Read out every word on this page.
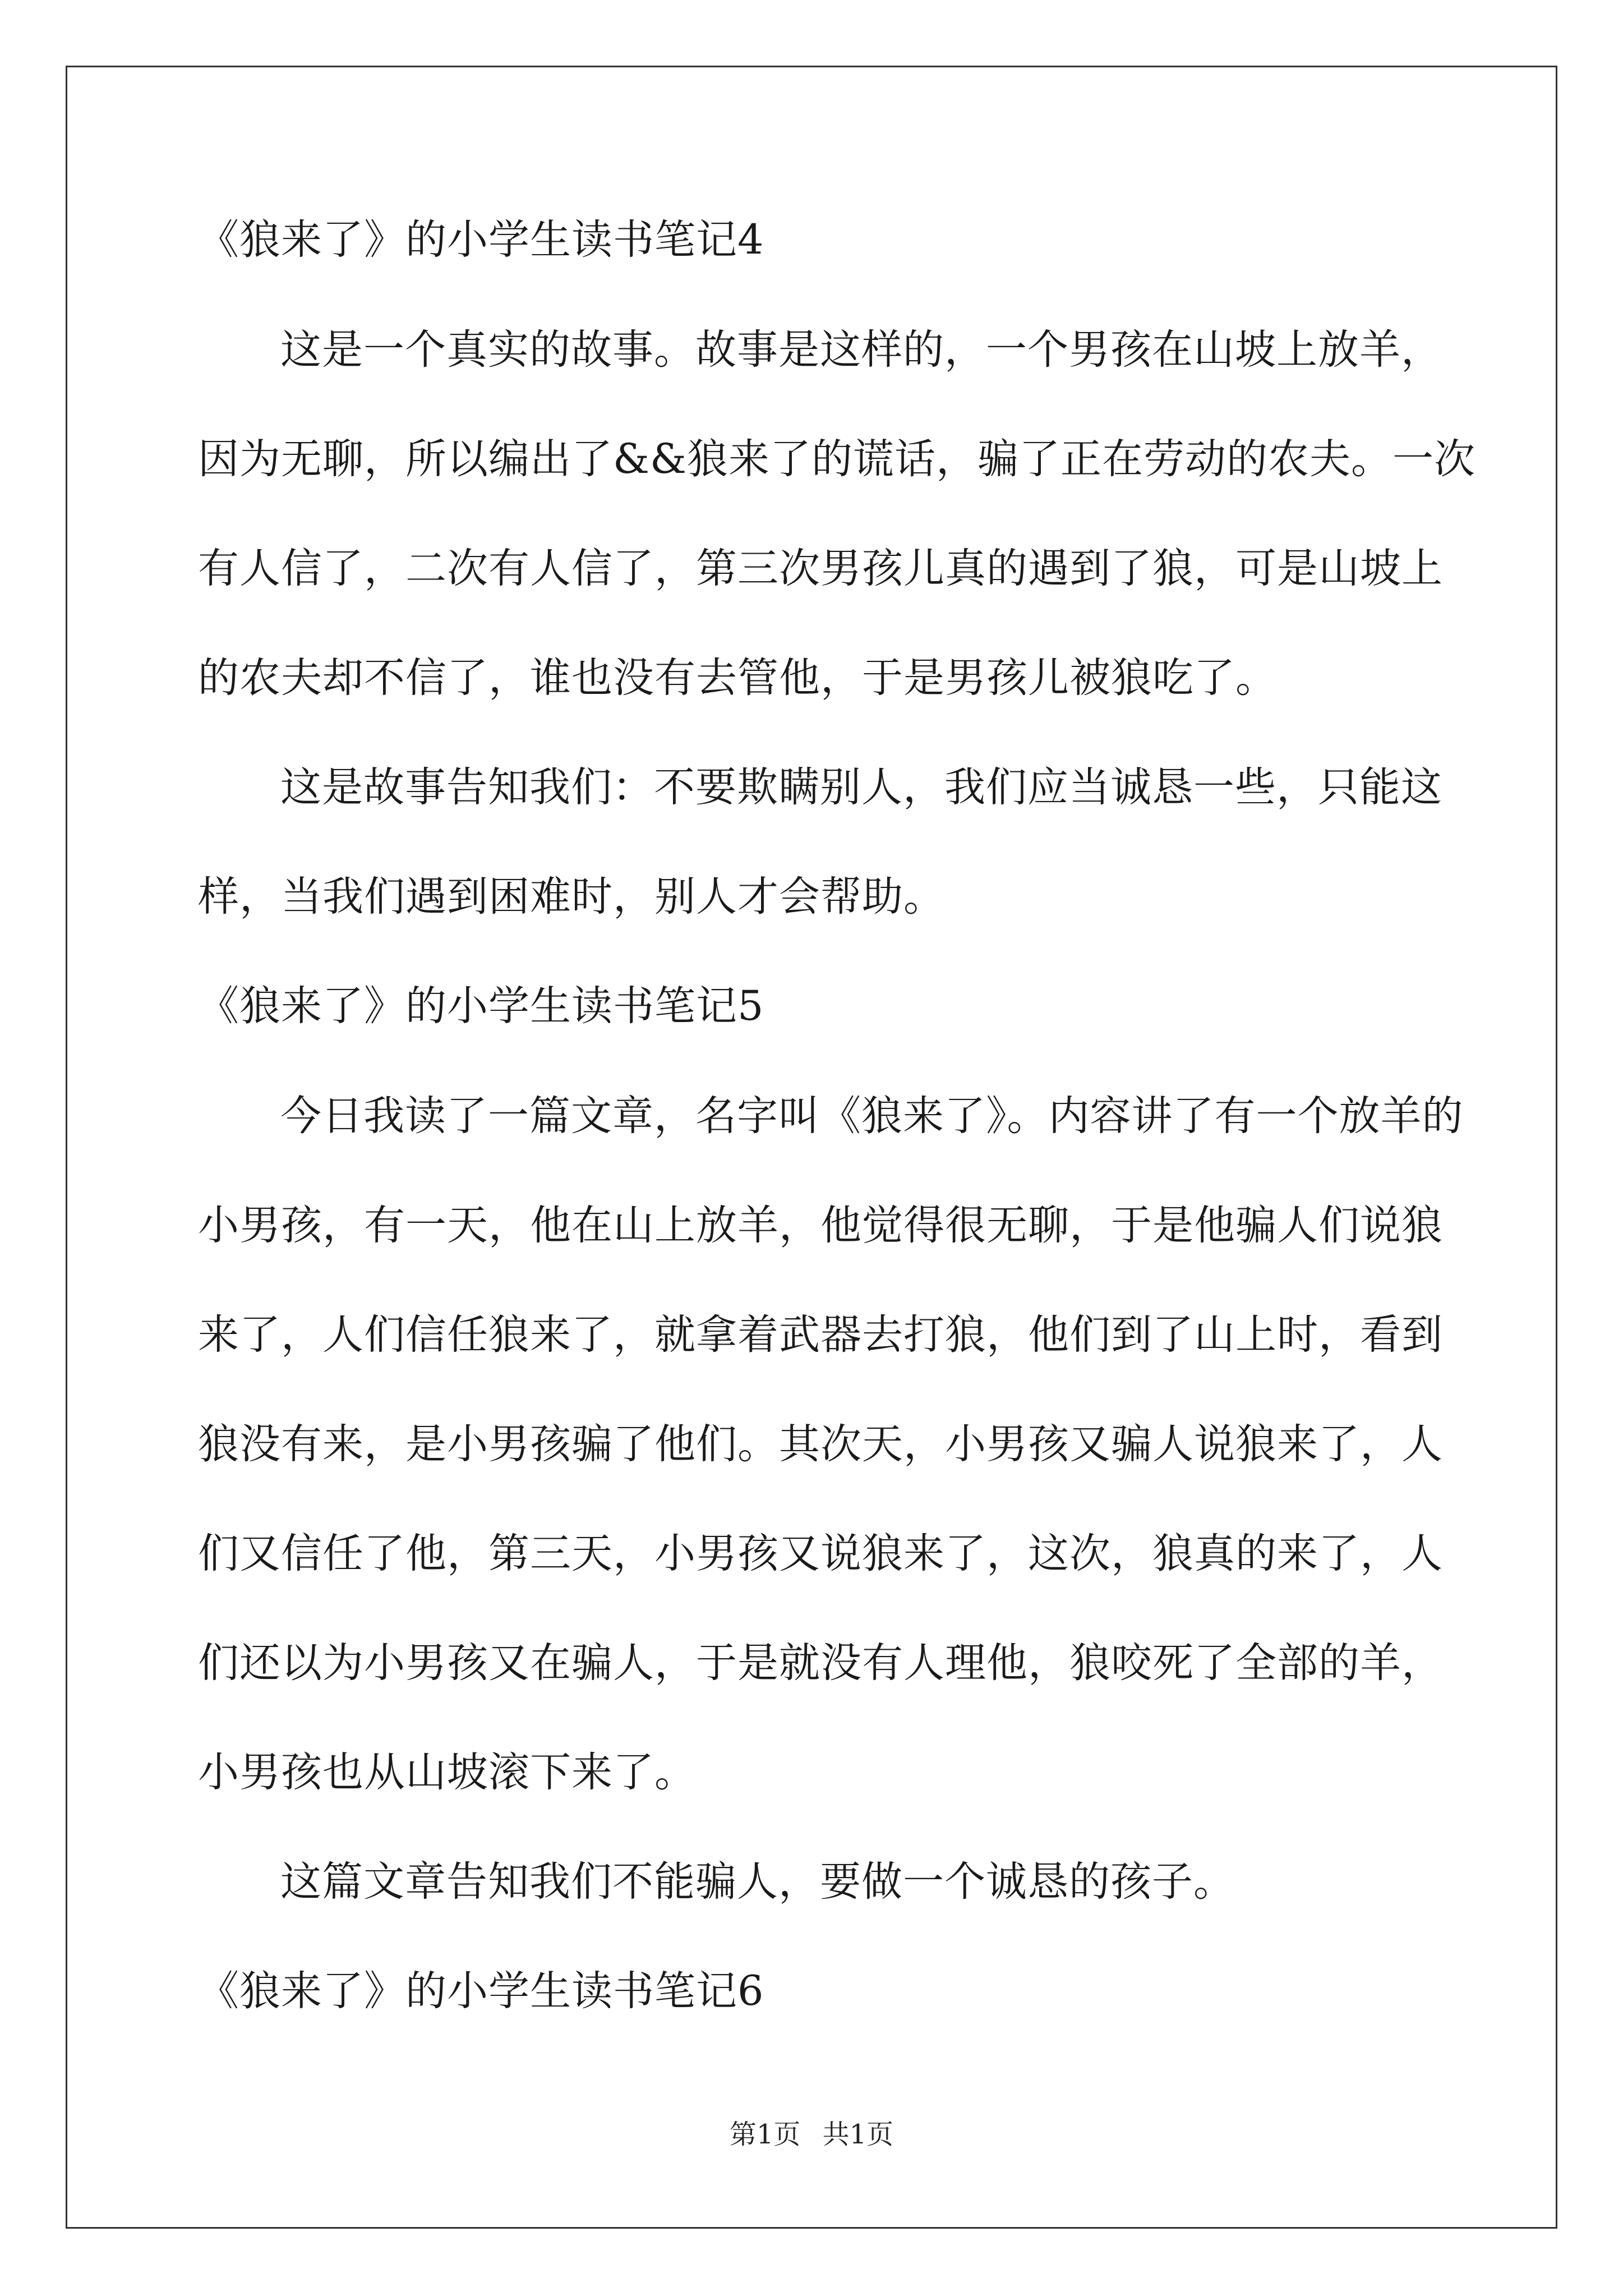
《狼来了》的小学生读书笔记4
这是一个真实的故事。故事是这样的，一个男孩在山坡上放羊，
因为无聊，所以编出了&&狼来了的谎话，骗了正在劳动的农夫。一次
有人信了，二次有人信了，第三次男孩儿真的遇到了狼，可是山坡上
的农夫却不信了，谁也没有去管他，于是男孩儿被狼吃了。
这是故事告知我们：不要欺瞒别人，我们应当诚恳一些，只能这
样，当我们遇到困难时，别人才会帮助。
《狼来了》的小学生读书笔记5
今日我读了一篇文章，名字叫《狼来了》。内容讲了有一个放羊的
小男孩，有一天，他在山上放羊，他觉得很无聊，于是他骗人们说狼
来了，人们信任狼来了，就拿着武器去打狼，他们到了山上时，看到
狼没有来，是小男孩骗了他们。其次天，小男孩又骗人说狼来了，人
们又信任了他，第三天，小男孩又说狼来了，这次，狼真的来了，人
们还以为小男孩又在骗人，于是就没有人理他，狼咬死了全部的羊，
小男孩也从山坡滚下来了。
这篇文章告知我们不能骗人，要做一个诚恳的孩子。
《狼来了》的小学生读书笔记6
第1页 共1页
